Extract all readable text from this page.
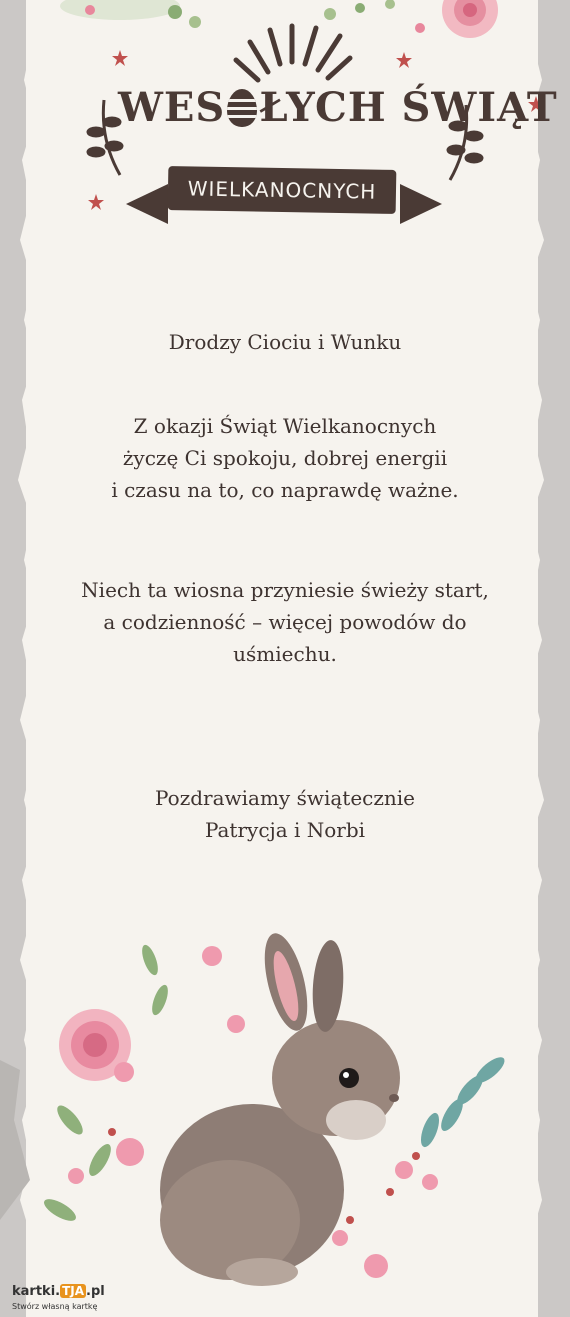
WES ŁYCH ŚWIĄT
WIELKANOCNYCH
Drodzy Ciociu i Wunku
Z okazji Świąt Wielkanocnych
życzę Ci spokoju, dobrej energii
i czasu na to, co naprawdę ważne.
Niech ta wiosna przyniesie świeży start,
a codzienność – więcej powodów do
uśmiechu.
Pozdrawiamy świątecznie
Patrycja i Norbi
kartki. TJA .pl
Stwórz własną kartkę
